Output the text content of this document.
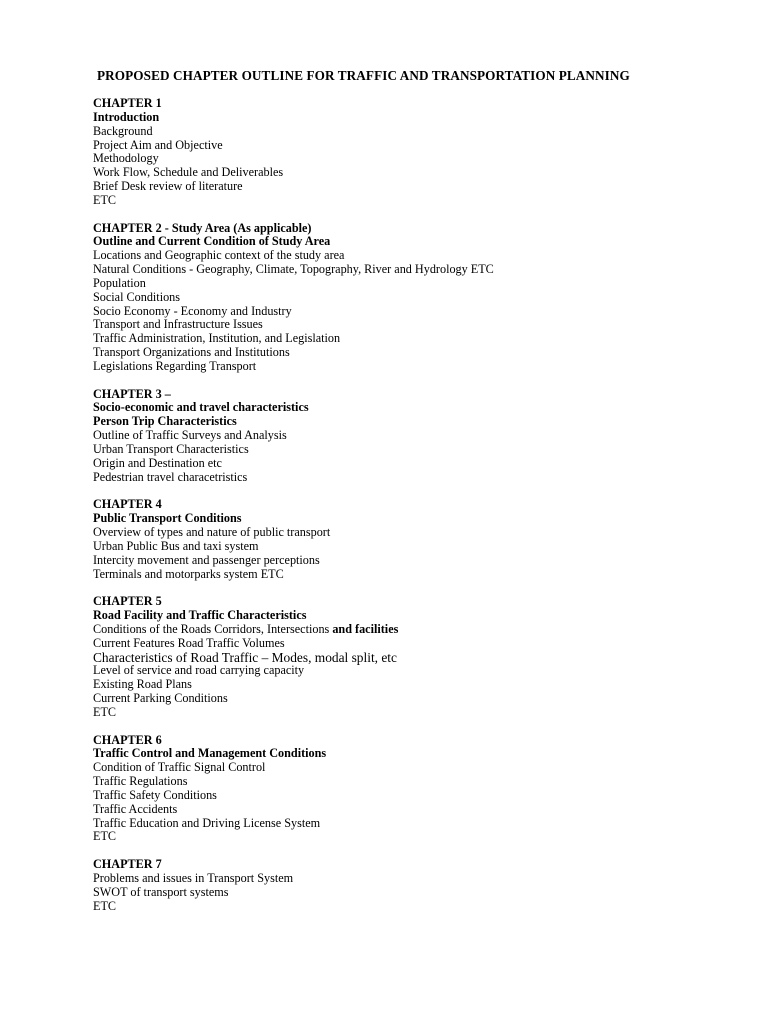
PROPOSED CHAPTER OUTLINE FOR TRAFFIC AND TRANSPORTATION PLANNING
CHAPTER 1
Introduction
Background
Project Aim and Objective
Methodology
Work Flow, Schedule and Deliverables
Brief Desk review of literature
ETC
CHAPTER 2 - Study Area (As applicable)
Outline and Current Condition of Study Area
Locations and Geographic context of the study area
Natural Conditions - Geography, Climate, Topography, River and Hydrology ETC
Population
Social Conditions
Socio Economy - Economy and Industry
Transport and Infrastructure Issues
Traffic Administration, Institution, and Legislation
Transport Organizations and Institutions
Legislations Regarding Transport
CHAPTER 3 –
Socio-economic and travel characteristics
Person Trip Characteristics
Outline of Traffic Surveys and Analysis
Urban Transport Characteristics
Origin and Destination etc
Pedestrian travel characetristics
CHAPTER 4
Public Transport Conditions
Overview of types and nature of public transport
Urban Public Bus and taxi system
Intercity movement and passenger perceptions
Terminals and motorparks system ETC
CHAPTER 5
Road Facility and Traffic Characteristics
Conditions of the Roads Corridors, Intersections and facilities
Current Features Road Traffic Volumes
Characteristics of Road Traffic – Modes, modal split, etc
Level of service and road carrying capacity
Existing Road Plans
Current Parking Conditions
ETC
CHAPTER 6
Traffic Control and Management Conditions
Condition of Traffic Signal Control
Traffic Regulations
Traffic Safety Conditions
Traffic Accidents
Traffic Education and Driving License System
ETC
CHAPTER 7
Problems and issues in Transport System
SWOT of transport systems
ETC
